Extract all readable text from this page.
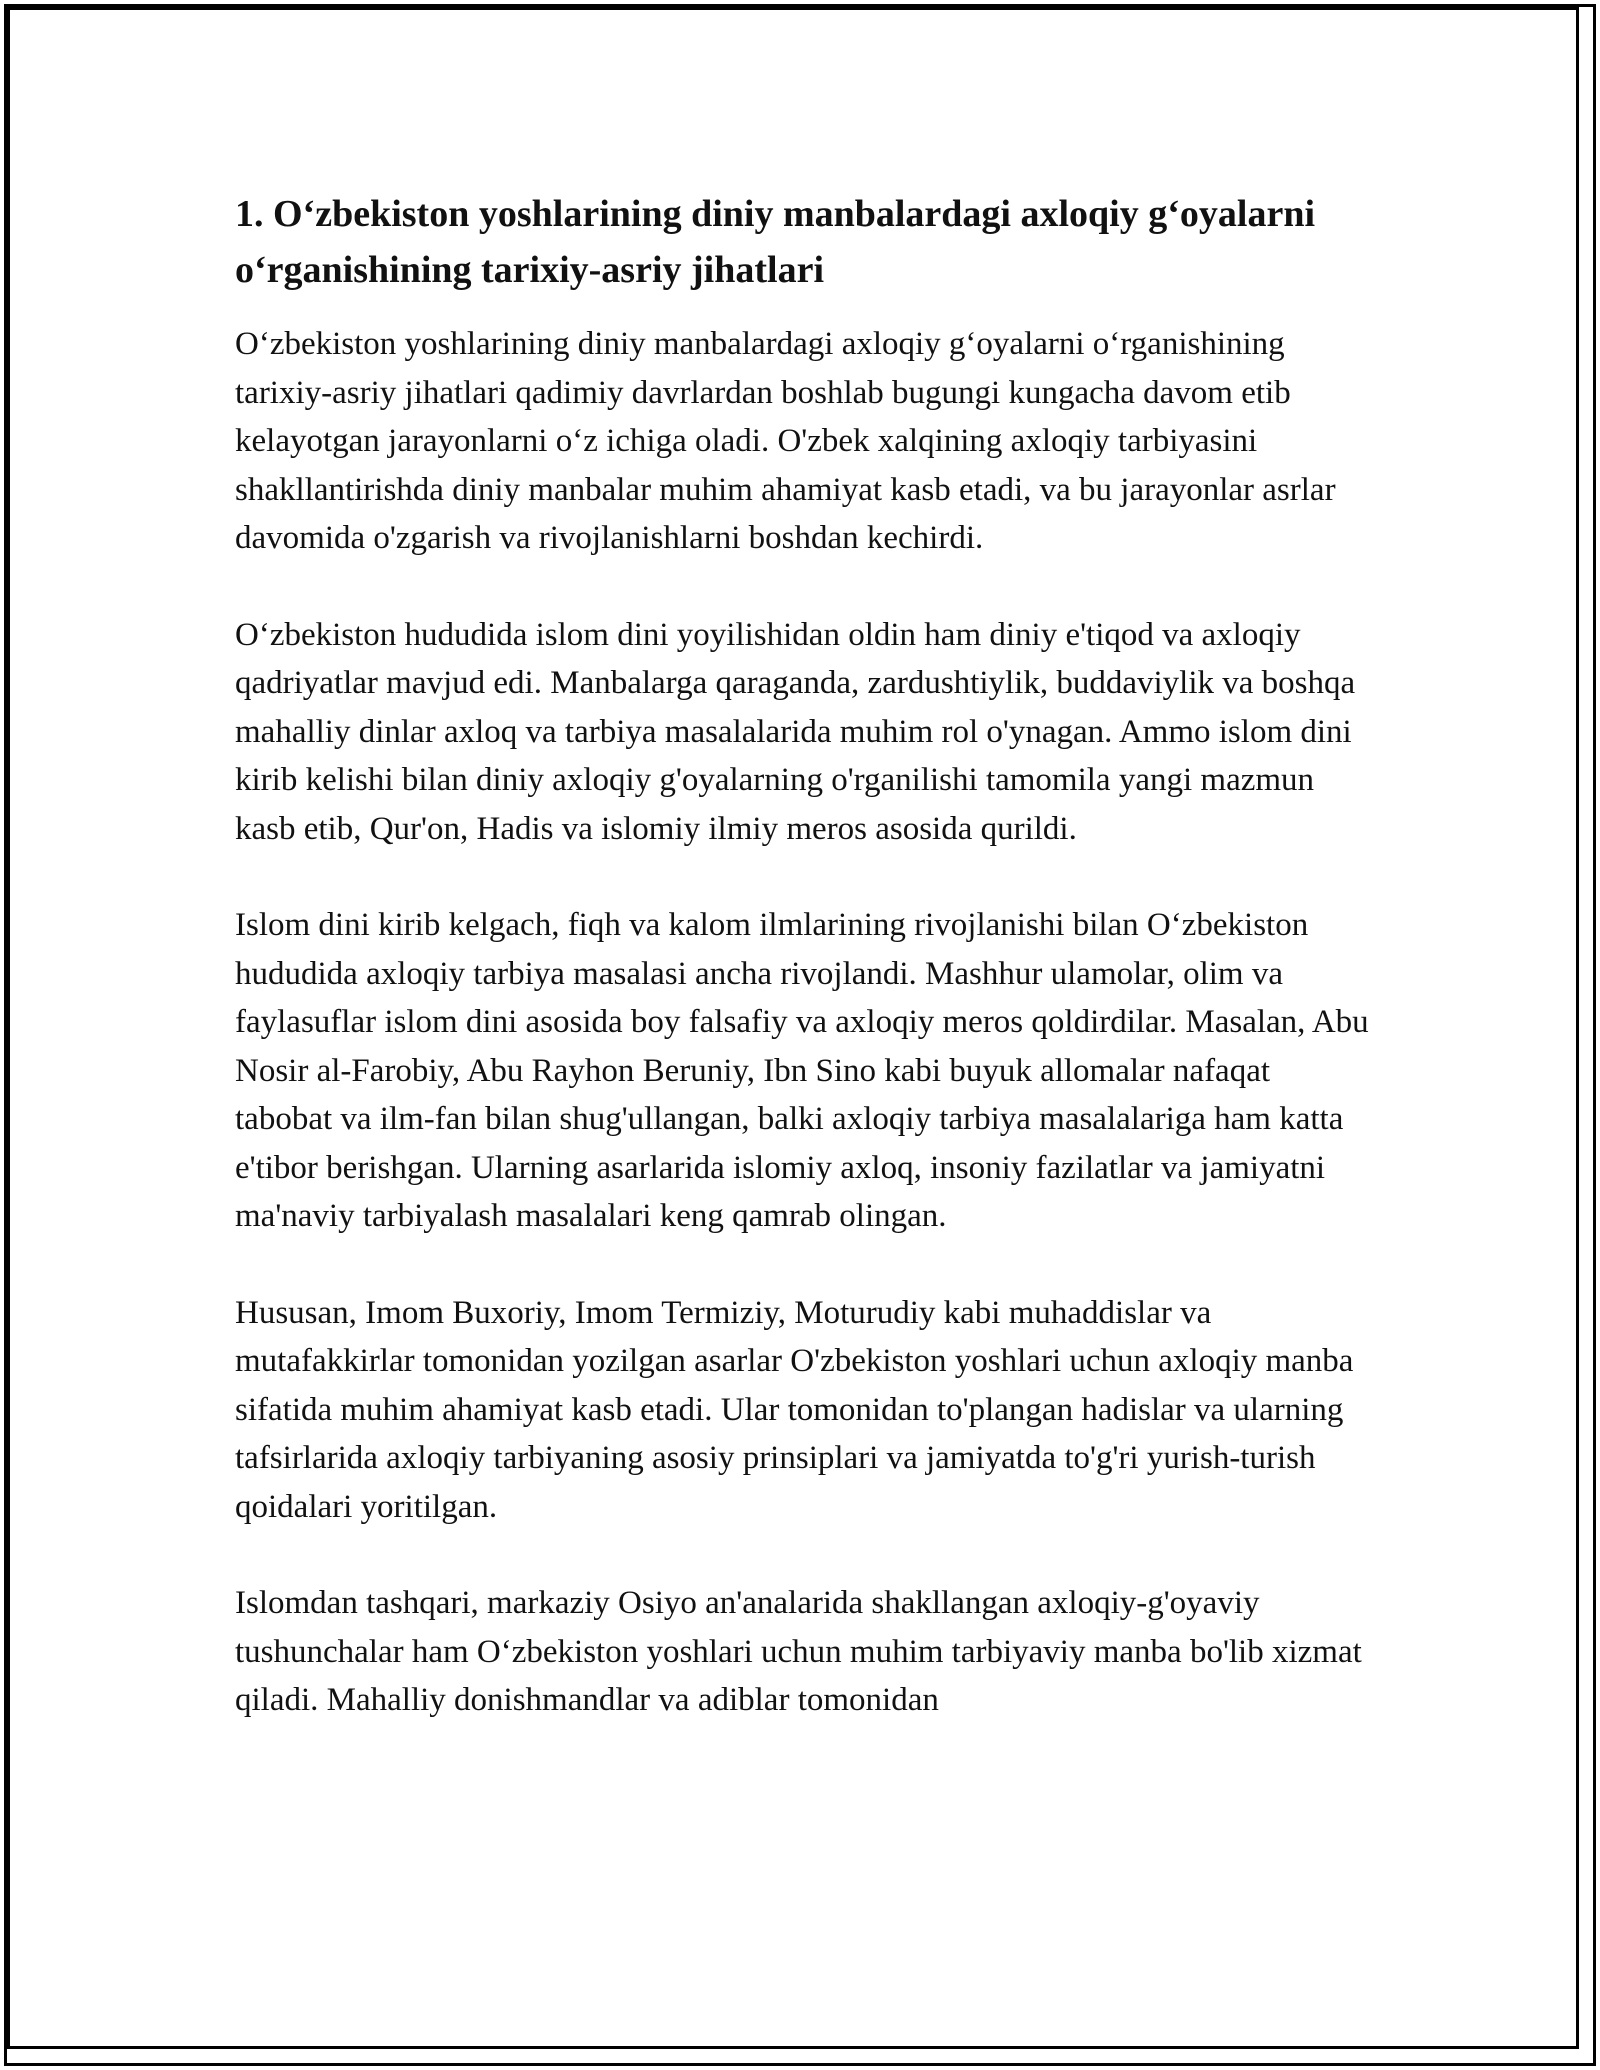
1. O‘zbekiston yoshlarining diniy manbalardagi axloqiy g‘oyalarni o‘rganishining tarixiy-asriy jihatlari

O‘zbekiston yoshlarining diniy manbalardagi axloqiy g‘oyalarni o‘rganishining tarixiy-asriy jihatlari qadimiy davrlardan boshlab bugungi kungacha davom etib kelayotgan jarayonlarni o‘z ichiga oladi. O'zbek xalqining axloqiy tarbiyasini shakllantirishda diniy manbalar muhim ahamiyat kasb etadi, va bu jarayonlar asrlar davomida o'zgarish va rivojlanishlarni boshdan kechirdi.

O‘zbekiston hududida islom dini yoyilishidan oldin ham diniy e'tiqod va axloqiy qadriyatlar mavjud edi. Manbalarga qaraganda, zardushtiylik, buddaviylik va boshqa mahalliy dinlar axloq va tarbiya masalalarida muhim rol o'ynagan. Ammo islom dini kirib kelishi bilan diniy axloqiy g'oyalarning o'rganilishi tamomila yangi mazmun kasb etib, Qur'on, Hadis va islomiy ilmiy meros asosida qurildi.

Islom dini kirib kelgach, fiqh va kalom ilmlarining rivojlanishi bilan O‘zbekiston hududida axloqiy tarbiya masalasi ancha rivojlandi. Mashhur ulamolar, olim va faylasuflar islom dini asosida boy falsafiy va axloqiy meros qoldirdilar. Masalan, Abu Nosir al-Farobiy, Abu Rayhon Beruniy, Ibn Sino kabi buyuk allomalar nafaqat tabobat va ilm-fan bilan shug'ullangan, balki axloqiy tarbiya masalalariga ham katta e'tibor berishgan. Ularning asarlarida islomiy axloq, insoniy fazilatlar va jamiyatni ma'naviy tarbiyalash masalalari keng qamrab olingan.

Hususan, Imom Buxoriy, Imom Termiziy, Moturudiy kabi muhaddislar va mutafakkirlar tomonidan yozilgan asarlar O'zbekiston yoshlari uchun axloqiy manba sifatida muhim ahamiyat kasb etadi. Ular tomonidan to'plangan hadislar va ularning tafsirlarida axloqiy tarbiyaning asosiy prinsiplari va jamiyatda to'g'ri yurish-turish qoidalari yoritilgan.

Islomdan tashqari, markaziy Osiyo an'analarida shakllangan axloqiy-g'oyaviy tushunchalar ham O‘zbekiston yoshlari uchun muhim tarbiyaviy manba bo'lib xizmat qiladi. Mahalliy donishmandlar va adiblar tomonidan
